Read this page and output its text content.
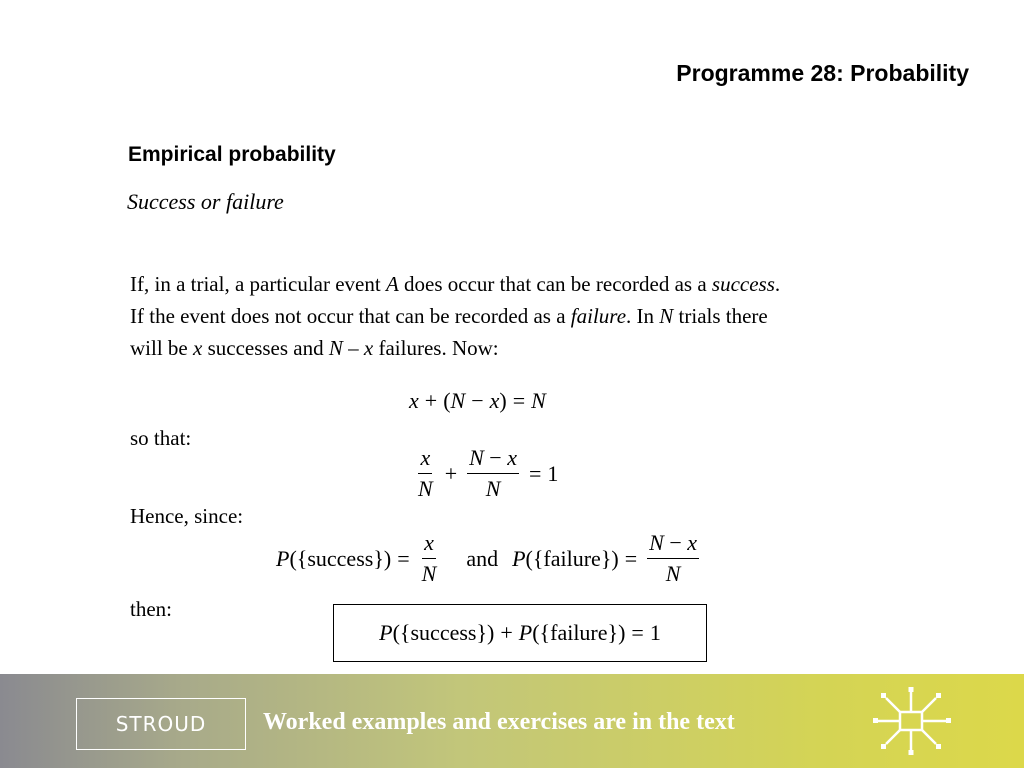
Programme 28: Probability
Empirical probability
Success or failure

If, in a trial, a particular event A does occur that can be recorded as a success.

If the event does not occur that can be recorded as a failure. In N trials there

will be x successes and N – x failures. Now:

x + ( N − x ) = N
so that:
$\frac{x}{N} + \frac{N - x}{N} = 1$
Hence, since:
P ({success}) = $\frac{x}{N}$ and P ({failure}) = $\frac{N - x}{N}$
then:
P ({success}) + P ({failure}) = 1
STROUD	Worked examples and exercises are in the text
